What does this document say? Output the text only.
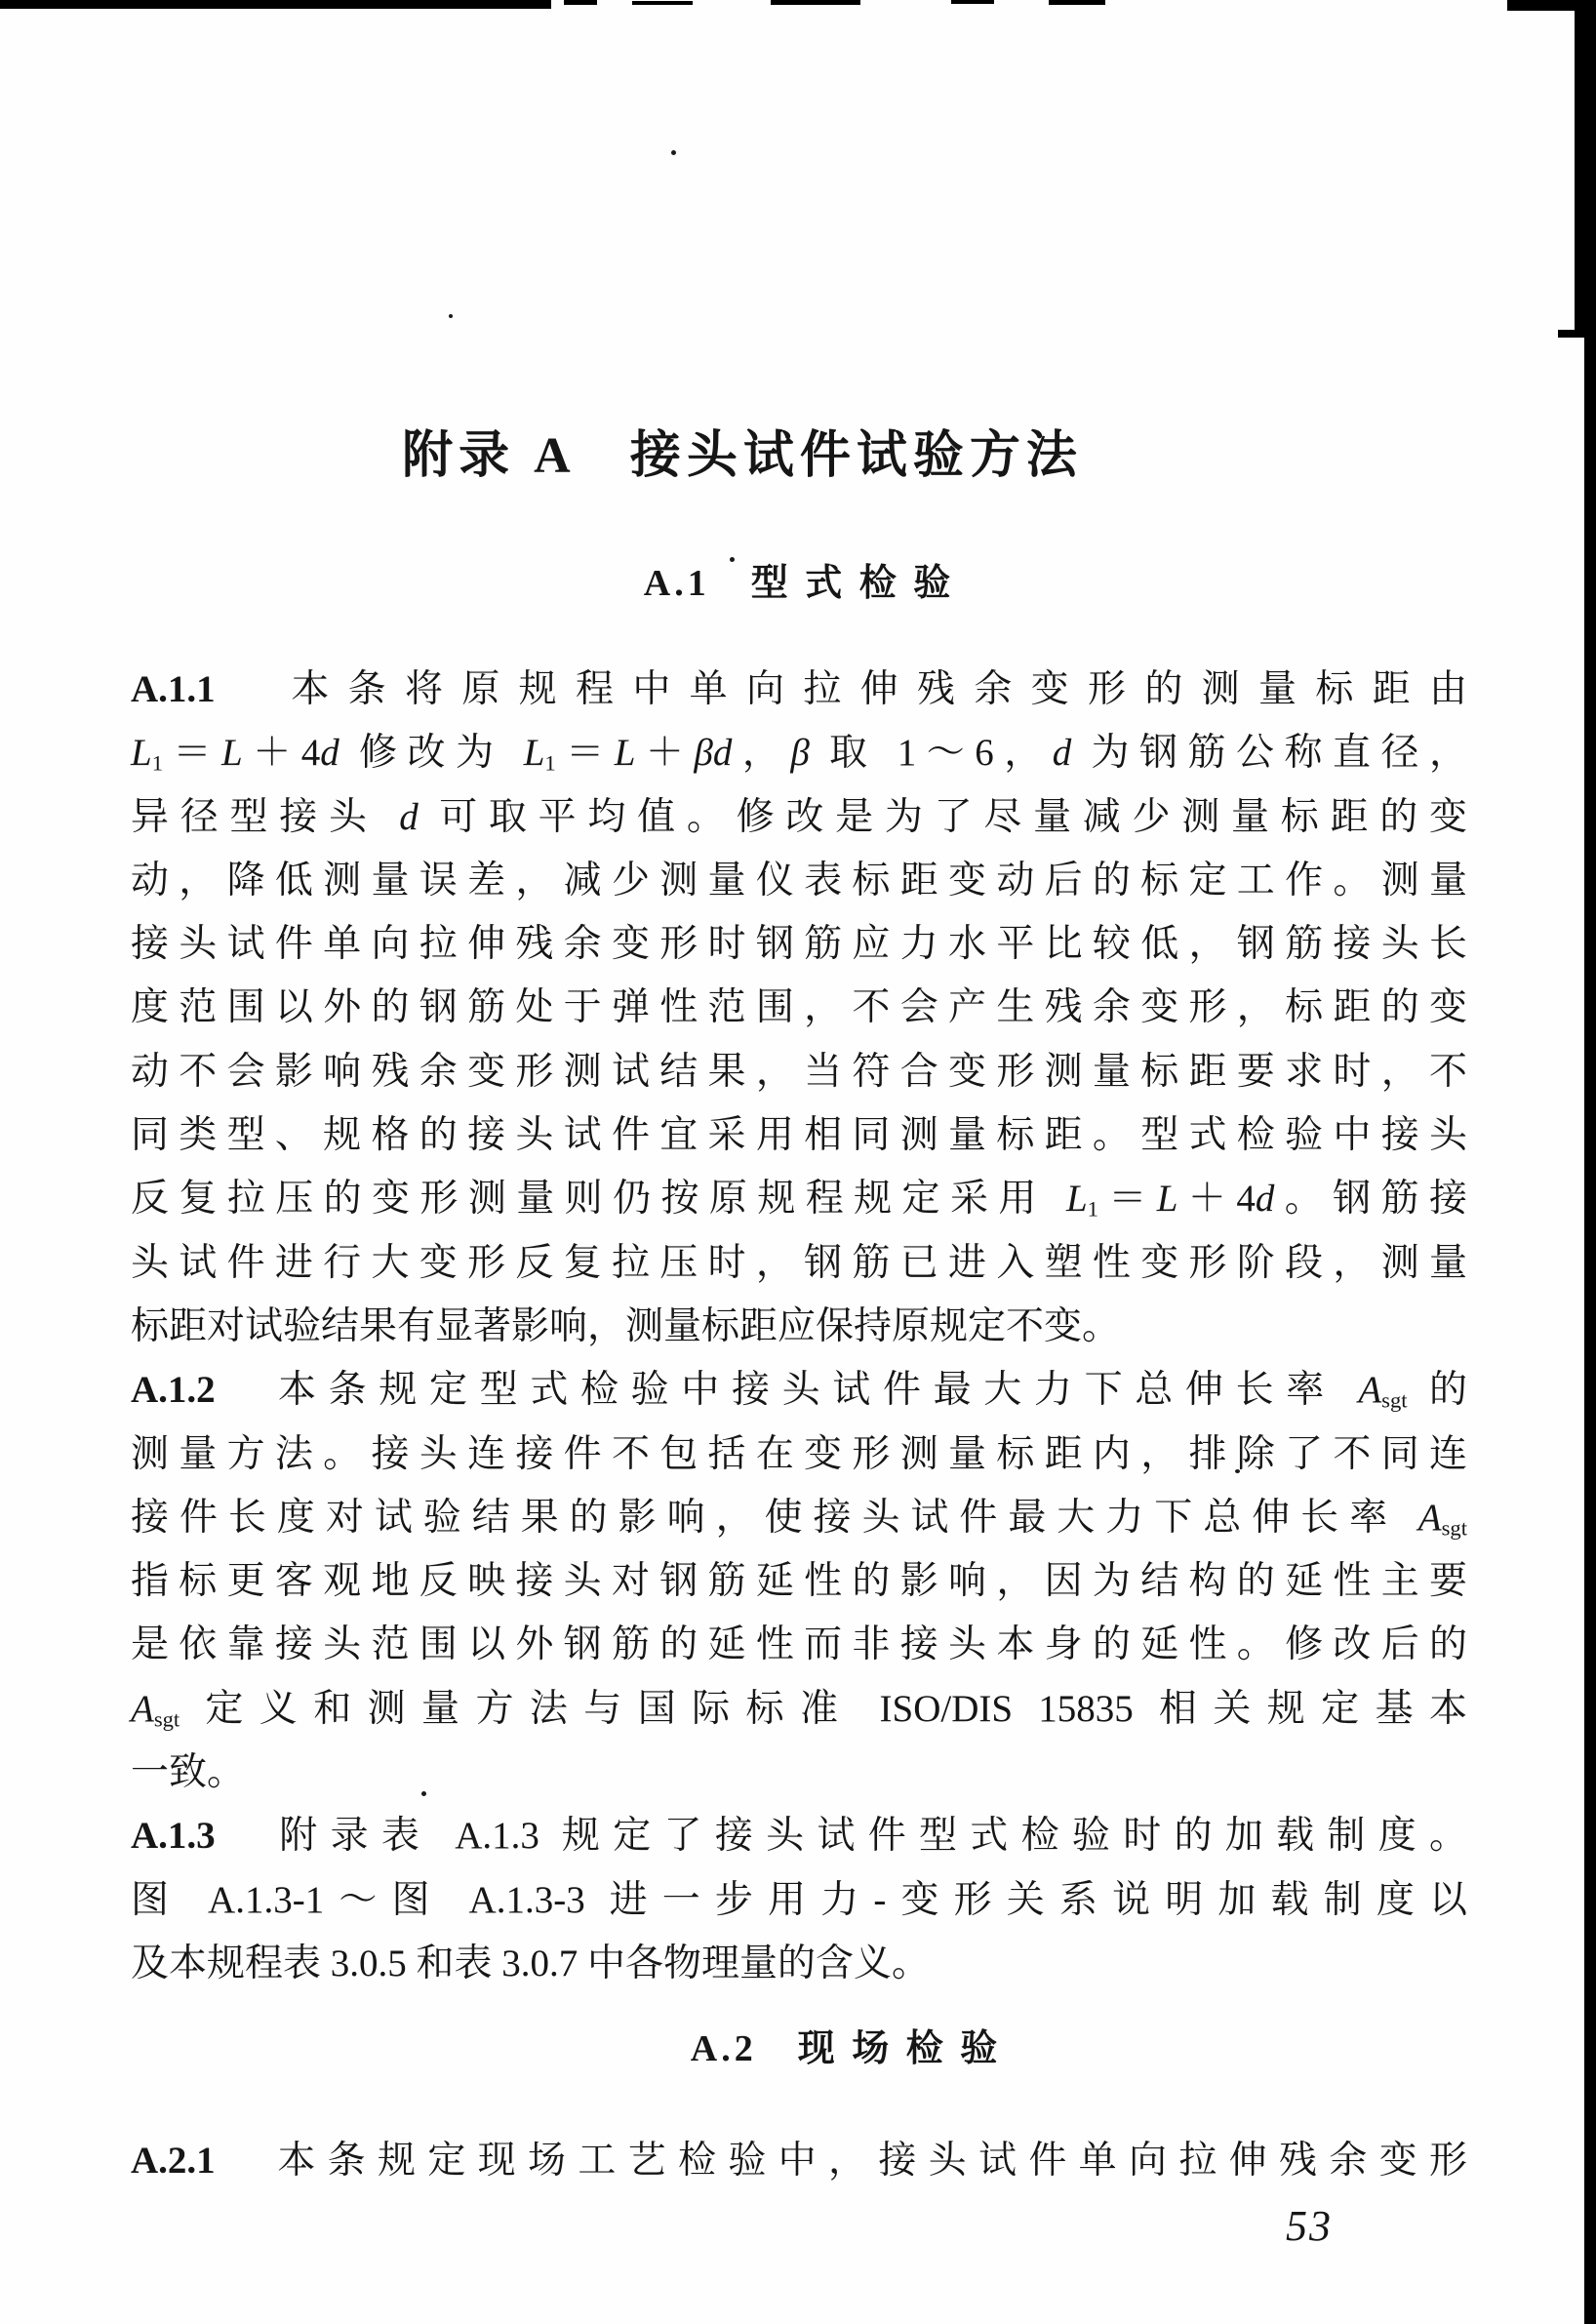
附录 A　接头试件试验方法
A.1　型 式 检 验
A.1.1　本条将原规程中单向拉伸残余变形的测量标距由
$L_1=L+4d$ 修改为 $L_1=L+\beta d$，β 取 1～6，d 为钢筋公称直径，
异径型接头 d 可取平均值。修改是为了尽量减少测量标距的变
动，降低测量误差，减少测量仪表标距变动后的标定工作。测量
接头试件单向拉伸残余变形时钢筋应力水平比较低，钢筋接头长
度范围以外的钢筋处于弹性范围，不会产生残余变形，标距的变
动不会影响残余变形测试结果，当符合变形测量标距要求时，不
同类型、规格的接头试件宜采用相同测量标距。型式检验中接头
反复拉压的变形测量则仍按原规程规定采用 $L_1=L+4d$。钢筋接
头试件进行大变形反复拉压时，钢筋已进入塑性变形阶段，测量
标距对试验结果有显著影响，测量标距应保持原规定不变。
A.1.2　本条规定型式检验中接头试件最大力下总伸长率 $A_{sgt}$ 的
测量方法。接头连接件不包括在变形测量标距内，排除了不同连
接件长度对试验结果的影响，使接头试件最大力下总伸长率 $A_{sgt}$
指标更客观地反映接头对钢筋延性的影响，因为结构的延性主要
是依靠接头范围以外钢筋的延性而非接头本身的延性。修改后的
$A_{sgt}$ 定义和测量方法与国际标准 ISO/DIS 15835 相关规定基本
一致。
A.1.3　附录表 A.1.3 规定了接头试件型式检验时的加载制度。
图 A.1.3-1～图 A.1.3-3 进一步用力-变形关系说明加载制度以
及本规程表 3.0.5 和表 3.0.7 中各物理量的含义。
A.2　现 场 检 验
A.2.1　本条规定现场工艺检验中，接头试件单向拉伸残余变形
53
